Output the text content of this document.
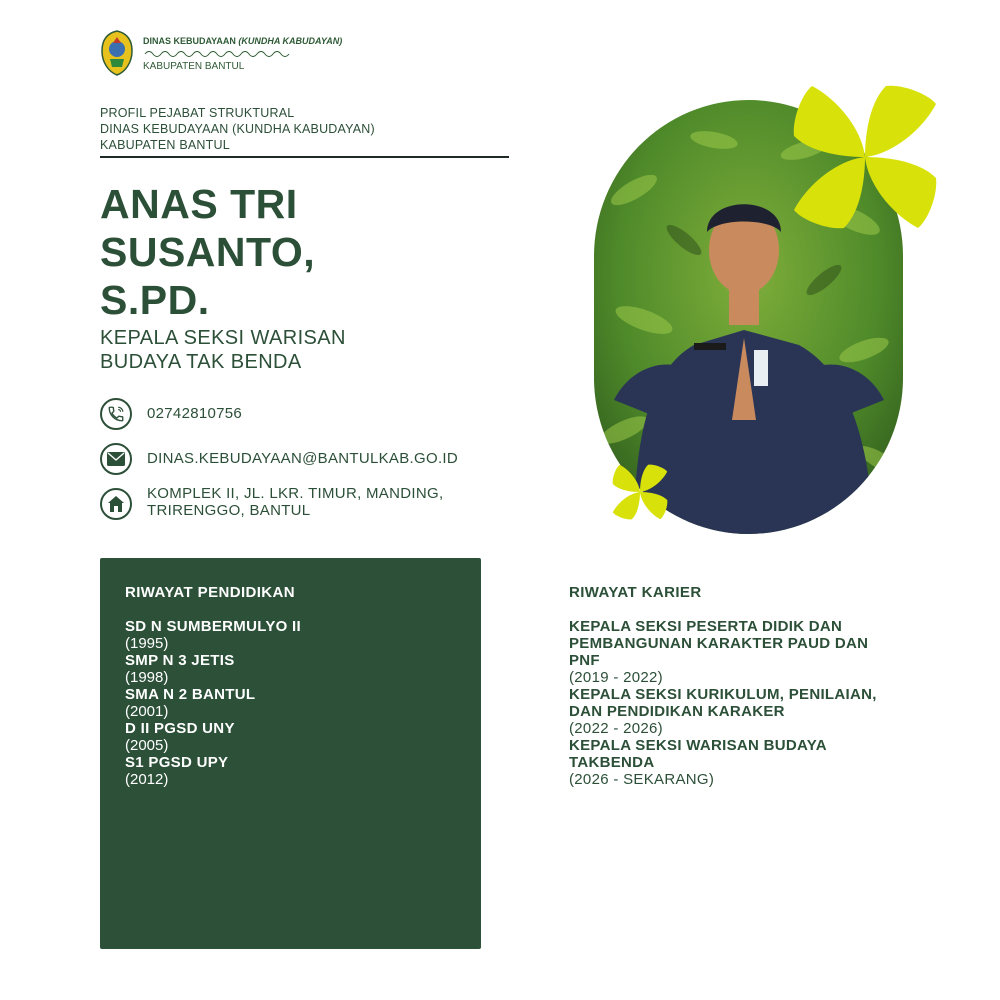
DINAS KEBUDAYAAN (KUNDHA KABUDAYAN)
KABUPATEN BANTUL
PROFIL PEJABAT STRUKTURAL
DINAS KEBUDAYAAN (KUNDHA KABUDAYAN)
KABUPATEN BANTUL
ANAS TRI SUSANTO, S.PD.
KEPALA SEKSI WARISAN BUDAYA TAK BENDA
02742810756
DINAS.KEBUDAYAAN@BANTULKAB.GO.ID
KOMPLEK II, JL. LKR. TIMUR, MANDING, TRIRENGGO, BANTUL
RIWAYAT PENDIDIKAN
SD N SUMBERMULYO II
(1995)
SMP N 3 JETIS
(1998)
SMA N 2 BANTUL
(2001)
D II PGSD UNY
(2005)
S1 PGSD UPY
(2012)
RIWAYAT KARIER
KEPALA SEKSI PESERTA DIDIK DAN PEMBANGUNAN KARAKTER PAUD DAN PNF
(2019 - 2022)
KEPALA SEKSI KURIKULUM, PENILAIAN, DAN PENDIDIKAN KARAKER
(2022 - 2026)
KEPALA SEKSI WARISAN BUDAYA TAKBENDA
(2026 - SEKARANG)
